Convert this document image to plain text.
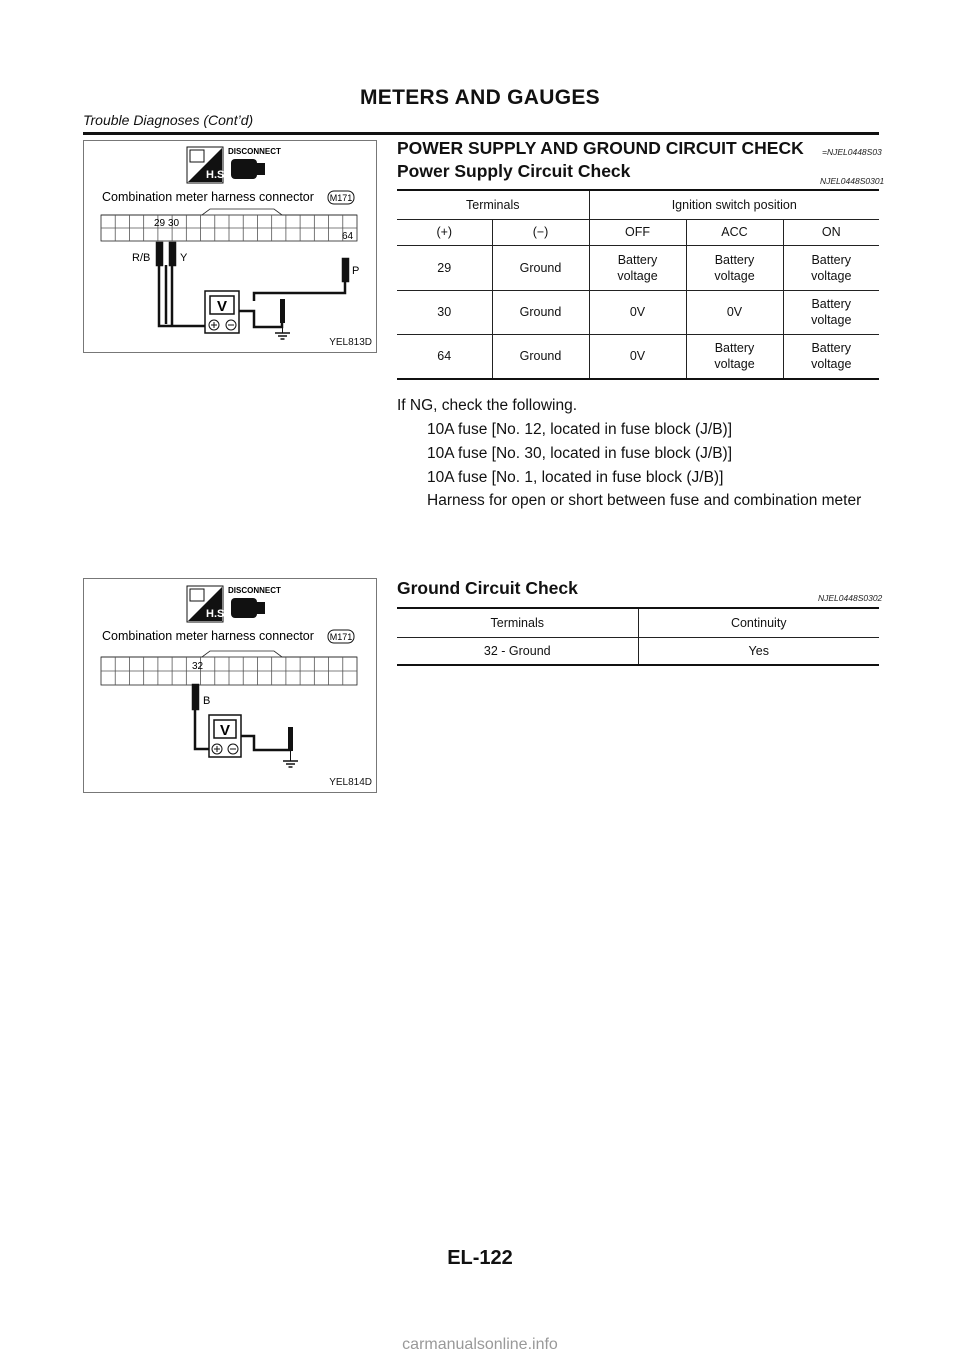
METERS AND GAUGES
Trouble Diagnoses (Cont’d)
H.S.
DISCONNECT
Combination meter harness connector M171
29 30
64
R/B	Y
P
V
YEL813D
POWER SUPPLY AND GROUND CIRCUIT CHECK =NJEL0448S03
Power Supply Circuit Check	NJEL0448S0301
Terminals		Ignition switch position		
(+)	(−)	OFF	ACC	ON
29	Ground	Battery voltage	Battery voltage	Battery voltage
30	Ground	0V	0V	Battery voltage
64	Ground	0V	Battery voltage	Battery voltage
If NG, check the following.
10A fuse [No. 12, located in fuse block (J/B)]
10A fuse [No. 30, located in fuse block (J/B)]
10A fuse [No. 1, located in fuse block (J/B)]
Harness for open or short between fuse and combination meter
H.S.
DISCONNECT
Combination meter harness connector M171
32
B
V
YEL814D
Ground Circuit Check	NJEL0448S0302
Terminals	Continuity
32 - Ground	Yes
EL-122
carmanualsonline.info
